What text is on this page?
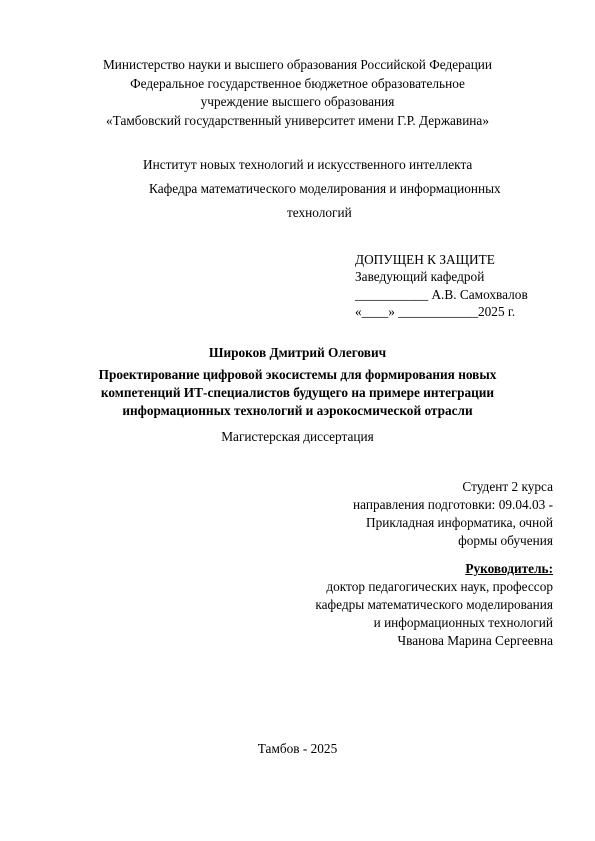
Министерство науки и высшего образования Российской Федерации
Федеральное государственное бюджетное образовательное
учреждение высшего образования
«Тамбовский государственный университет имени Г.Р. Державина»
Институт новых технологий и искусственного интеллекта
Кафедра математического моделирования и информационных
технологий
ДОПУЩЕН К ЗАЩИТЕ
Заведующий кафедрой
___________ А.В. Самохвалов
«____» ____________2025 г.
Широков Дмитрий Олегович
Проектирование цифровой экосистемы для формирования новых
компетенций ИТ-специалистов будущего на примере интеграции
информационных технологий и аэрокосмической отрасли
Магистерская диссертация
Студент 2 курса
направления подготовки: 09.04.03 -
Прикладная информатика, очной
формы обучения
Руководитель:
доктор педагогических наук, профессор
кафедры математического моделирования
и информационных технологий
Чванова Марина Сергеевна
Тамбов - 2025
